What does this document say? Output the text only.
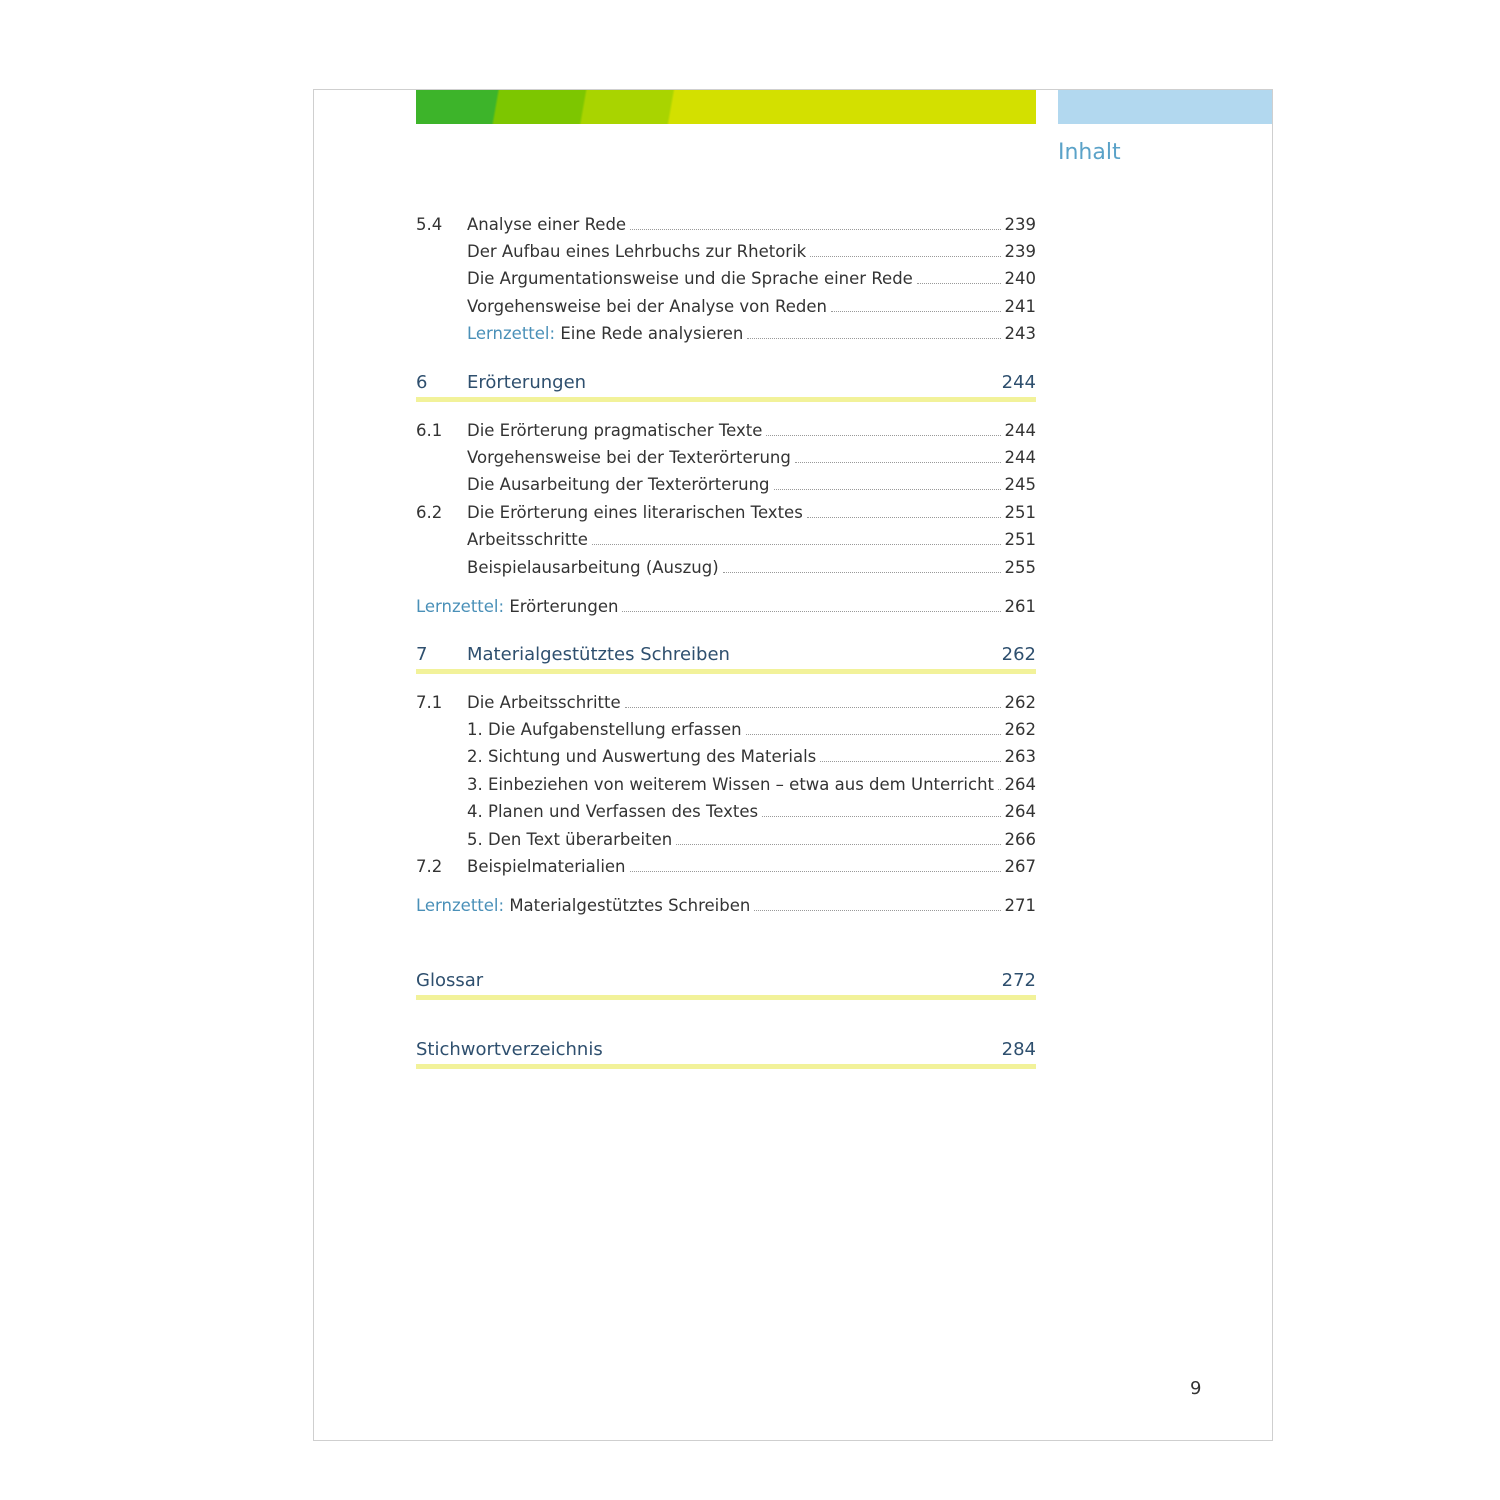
Inhalt
5.4	Analyse einer Rede	239
Der Aufbau eines Lehrbuchs zur Rhetorik	239
Die Argumentationsweise und die Sprache einer Rede	240
Vorgehensweise bei der Analyse von Reden	241
Lernzettel: Eine Rede analysieren	243
6	Erörterungen	244
6.1	Die Erörterung pragmatischer Texte	244
Vorgehensweise bei der Texterörterung	244
Die Ausarbeitung der Texterörterung	245
6.2	Die Erörterung eines literarischen Textes	251
Arbeitsschritte	251
Beispielausarbeitung (Auszug)	255
Lernzettel: Erörterungen	261
7	Materialgestütztes Schreiben	262
7.1	Die Arbeitsschritte	262
1. Die Aufgabenstellung erfassen	262
2. Sichtung und Auswertung des Materials	263
3. Einbeziehen von weiterem Wissen – etwa aus dem Unterricht 264
4. Planen und Verfassen des Textes	264
5. Den Text überarbeiten	266
7.2	Beispielmaterialien	267
Lernzettel: Materialgestütztes Schreiben	271
Glossar	272
Stichwortverzeichnis	284
9
